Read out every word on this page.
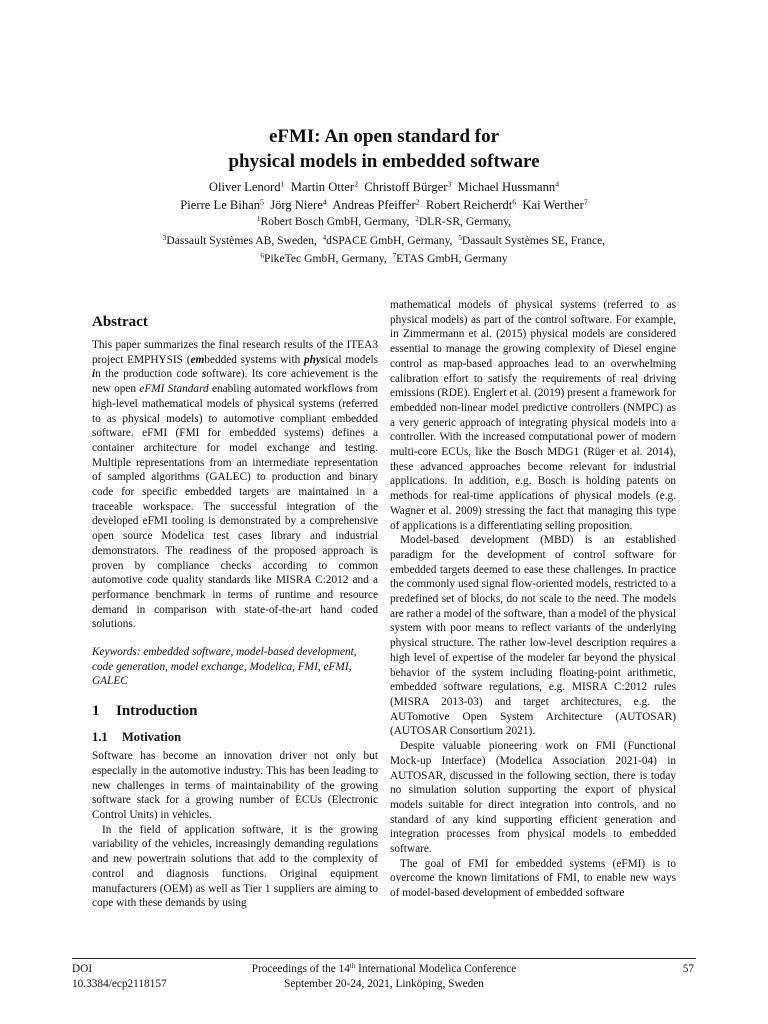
eFMI: An open standard for
physical models in embedded software
Oliver Lenord$^1$ Martin Otter$^2$ Christoff Bürger$^3$ Michael Hussmann$^4$
Pierre Le Bihan$^5$ Jörg Niere$^4$ Andreas Pfeiffer$^2$ Robert Reicherdt$^6$ Kai Werther$^7$
$^1$Robert Bosch GmbH, Germany, $^2$DLR-SR, Germany,
$^3$Dassault Systèmes AB, Sweden, $^4$dSPACE GmbH, Germany, $^5$Dassault Systèmes SE, France,
$^6$PikeTec GmbH, Germany, $^7$ETAS GmbH, Germany
Abstract

This paper summarizes the final research results of the ITEA3 project EMPHYSIS (embedded systems with physical models in the production code software). Its core achievement is the new open eFMI Standard enabling automated workflows from high-level mathematical models of physical systems (referred to as physical models) to automotive compliant embedded software. eFMI (FMI for embedded systems) defines a container architecture for model exchange and testing. Multiple representations from an intermediate representation of sampled algorithms (GALEC) to production and binary code for specific embedded targets are maintained in a traceable workspace. The successful integration of the developed eFMI tooling is demonstrated by a comprehensive open source Modelica test cases library and industrial demonstrators. The readiness of the proposed approach is proven by compliance checks according to common automotive code quality standards like MISRA C:2012 and a performance benchmark in terms of runtime and resource demand in comparison with state-of-the-art hand coded solutions.

Keywords: embedded software, model-based development, code generation, model exchange, Modelica, FMI, eFMI, GALEC

1 Introduction
1.1 Motivation

Software has become an innovation driver not only but especially in the automotive industry. This has been leading to new challenges in terms of maintainability of the growing software stack for a growing number of ECUs (Electronic Control Units) in vehicles.

In the field of application software, it is the growing variability of the vehicles, increasingly demanding regulations and new powertrain solutions that add to the complexity of control and diagnosis functions. Original equipment manufacturers (OEM) as well as Tier 1 suppliers are aiming to cope with these demands by using

mathematical models of physical systems (referred to as physical models) as part of the control software. For example, in Zimmermann et al. (2015) physical models are considered essential to manage the growing complexity of Diesel engine control as map-based approaches lead to an overwhelming calibration effort to satisfy the requirements of real driving emissions (RDE). Englert et al. (2019) present a framework for embedded non-linear model predictive controllers (NMPC) as a very generic approach of integrating physical models into a controller. With the increased computational power of modern multi-core ECUs, like the Bosch MDG1 (Rüger et al. 2014), these advanced approaches become relevant for industrial applications. In addition, e.g. Bosch is holding patents on methods for real-time applications of physical models (e.g. Wagner et al. 2009) stressing the fact that managing this type of applications is a differentiating selling proposition.

Model-based development (MBD) is an established paradigm for the development of control software for embedded targets deemed to ease these challenges. In practice the commonly used signal flow-oriented models, restricted to a predefined set of blocks, do not scale to the need. The models are rather a model of the software, than a model of the physical system with poor means to reflect variants of the underlying physical structure. The rather low-level description requires a high level of expertise of the modeler far beyond the physical behavior of the system including floating-point arithmetic, embedded software regulations, e.g. MISRA C:2012 rules (MISRA 2013-03) and target architectures, e.g. the AUTomotive Open System Architecture (AUTOSAR) (AUTOSAR Consortium 2021).

Despite valuable pioneering work on FMI (Functional Mock-up Interface) (Modelica Association 2021-04) in AUTOSAR, discussed in the following section, there is today no simulation solution supporting the export of physical models suitable for direct integration into controls, and no standard of any kind supporting efficient generation and integration processes from physical models to embedded software.

The goal of FMI for embedded systems (eFMI) is to overcome the known limitations of FMI, to enable new ways of model-based development of embedded software

DOI
10.3384/ecp2118157
Proceedings of the 14th International Modelica Conference
September 20-24, 2021, Linköping, Sweden
57
